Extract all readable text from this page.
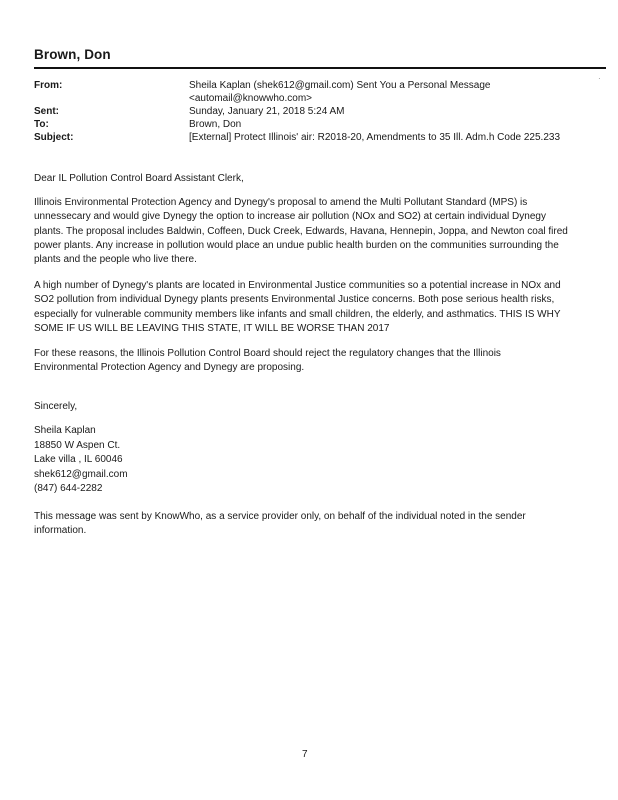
Brown, Don
·
From:	Sheila Kaplan (shek612@gmail.com) Sent You a Personal Message
<automail@knowwho.com>
Sent:	Sunday, January 21, 2018 5:24 AM
To:	Brown, Don
Subject:	[External] Protect Illinois' air: R2018-20, Amendments to 35 Ill. Adm.h Code 225.233
Dear IL Pollution Control Board Assistant Clerk,
Illinois Environmental Protection Agency and Dynegy's proposal to amend the Multi Pollutant Standard (MPS) is
unnessecary and would give Dynegy the option to increase air pollution (NOx and SO2) at certain individual Dynegy
plants. The proposal includes Baldwin, Coffeen, Duck Creek, Edwards, Havana, Hennepin, Joppa, and Newton coal fired
power plants. Any increase in pollution would place an undue public health burden on the communities surrounding the
plants and the people who live there.
A high number of Dynegy's plants are located in Environmental Justice communities so a potential increase in NOx and
SO2 pollution from individual Dynegy plants presents Environmental Justice concerns. Both pose serious health risks,
especially for vulnerable community members like infants and small children, the elderly, and asthmatics. THIS IS WHY
SOME IF US WILL BE LEAVING THIS STATE, IT WILL BE WORSE THAN 2017
For these reasons, the Illinois Pollution Control Board should reject the regulatory changes that the Illinois
Environmental Protection Agency and Dynegy are proposing.
Sincerely,
Sheila Kaplan
18850 W Aspen Ct.
Lake villa , IL 60046
shek612@gmail.com
(847) 644-2282
This message was sent by KnowWho, as a service provider only, on behalf of the individual noted in the sender
information.
7
